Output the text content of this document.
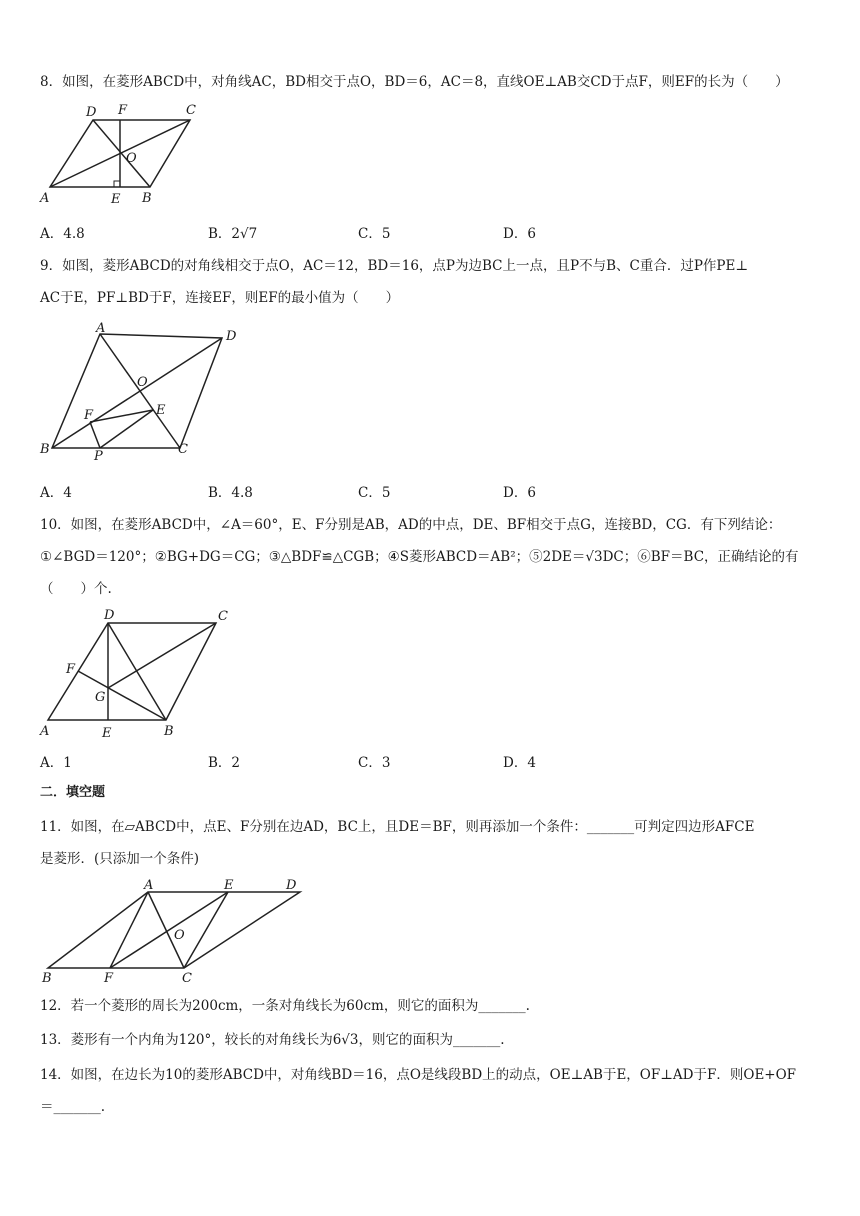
8．如图，在菱形ABCD中，对角线AC，BD相交于点O，BD＝6，AC＝8，直线OE⊥AB交CD于点F，则EF的长为（　　）
D F	C
O
A	E B
A．4.8	B．2√7	C．5	D．6
9．如图，菱形ABCD的对角线相交于点O，AC＝12，BD＝16，点P为边BC上一点，且P不与B、C重合．过P作PE⊥
AC于E，PF⊥BD于F，连接EF，则EF的最小值为（　　）
A
D
O
F	E
B	P	C
A．4	B．4.8	C．5	D．6
10．如图，在菱形ABCD中，∠A＝60°，E、F分别是AB，AD的中点，DE、BF相交于点G，连接BD，CG．有下列结论：
①∠BGD＝120°；②BG+DG＝CG；③△BDF≌△CGB；④S菱形ABCD＝AB²；⑤2DE＝√3DC；⑥BF＝BC，正确结论的有
（　　）个.
D	C
F
G
A	E	B
A．1	B．2	C．3	D．4
二．填空题
11．如图，在▱ABCD中，点E、F分别在边AD，BC上，且DE＝BF，则再添加一个条件：_______可判定四边形AFCE
是菱形．(只添加一个条件)
A	E	D
O
B	F	C
12．若一个菱形的周长为200cm，一条对角线长为60cm，则它的面积为_______.
13．菱形有一个内角为120°，较长的对角线长为6√3，则它的面积为_______.
14．如图，在边长为10的菱形ABCD中，对角线BD＝16，点O是线段BD上的动点，OE⊥AB于E，OF⊥AD于F．则OE+OF
＝_______.
